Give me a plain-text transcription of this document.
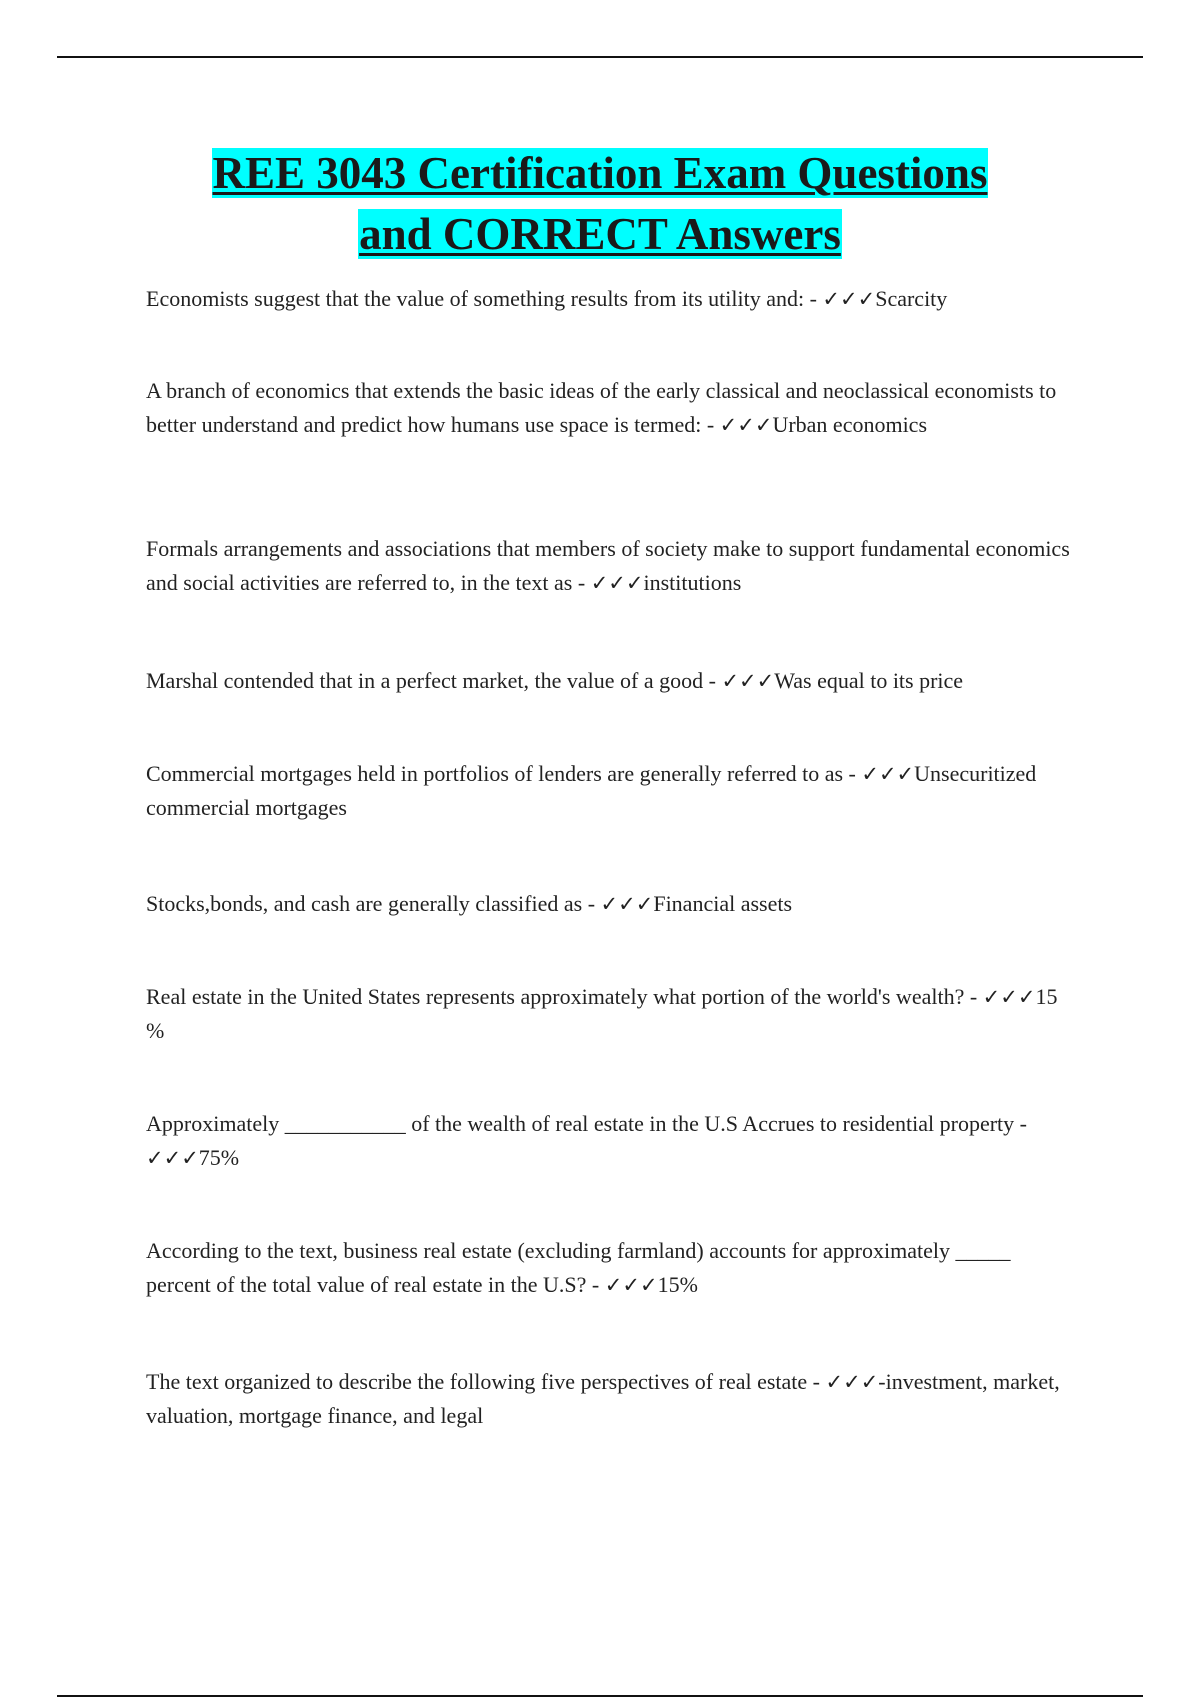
REE 3043 Certification Exam Questions
and CORRECT Answers

Economists suggest that the value of something results from its utility and: - ✓✓✓Scarcity

A branch of economics that extends the basic ideas of the early classical and neoclassical economists to better understand and predict how humans use space is termed: - ✓✓✓Urban economics

Formals arrangements and associations that members of society make to support fundamental economics and social activities are referred to, in the text as - ✓✓✓institutions

Marshal contended that in a perfect market, the value of a good - ✓✓✓Was equal to its price

Commercial mortgages held in portfolios of lenders are generally referred to as - ✓✓✓Unsecuritized commercial mortgages

Stocks,bonds, and cash are generally classified as - ✓✓✓Financial assets

Real estate in the United States represents approximately what portion of the world's wealth? - ✓✓✓15 %

Approximately ___________ of the wealth of real estate in the U.S Accrues to residential property - ✓✓✓75%

According to the text, business real estate (excluding farmland) accounts for approximately _____ percent of the total value of real estate in the U.S? - ✓✓✓15%

The text organized to describe the following five perspectives of real estate - ✓✓✓-investment, market, valuation, mortgage finance, and legal
